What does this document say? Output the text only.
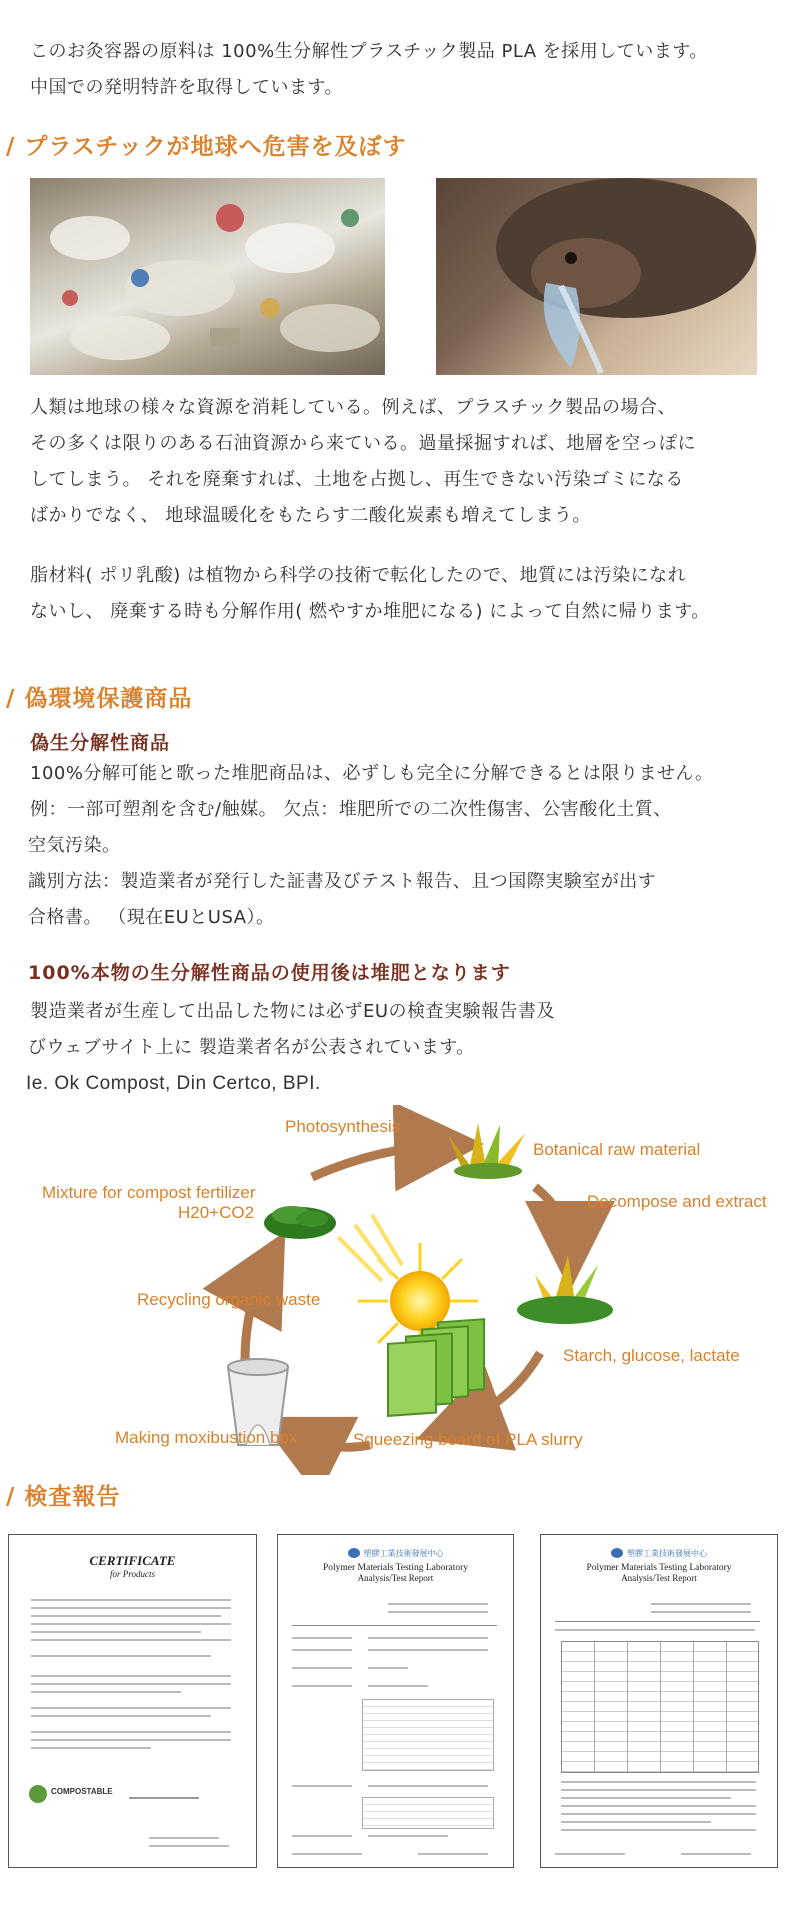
このお灸容器の原料は 100%生分解性プラスチック製品 PLA を採用しています。

中国での発明特許を取得しています。

/ プラスチックが地球へ危害を及ぼす

人類は地球の様々な資源を消耗している。例えば、プラスチック製品の場合、

その多くは限りのある石油資源から来ている。過量採掘すれば、地層を空っぽに

してしまう。 それを廃棄すれば、土地を占拠し、再生できない汚染ゴミになる

ばかりでなく、 地球温暖化をもたらす二酸化炭素も増えてしまう。

脂材料( ポリ乳酸) は植物から科学の技術で転化したので、地質には汚染になれ

ないし、 廃棄する時も分解作用( 燃やすか堆肥になる) によって自然に帰ります。

/ 偽環境保護商品
偽生分解性商品

100%分解可能と歌った堆肥商品は、必ずしも完全に分解できるとは限りません。

例：一部可塑剤を含む/触媒。 欠点：堆肥所での二次性傷害、公害酸化土質、

空気汚染。

識別方法：製造業者が発行した証書及びテスト報告、且つ国際実験室が出す

合格書。 （現在EUとUSA）。

100%本物の生分解性商品の使用後は堆肥となります

製造業者が生産して出品した物には必ずEUの検査実験報告書及

びウェブサイト上に 製造業者名が公表されています。

Ie. Ok Compost, Din Certco, BPI.

Photosynthesis
Botanical raw material
Decompose and extract
Starch, glucose, lactate
Squeezing board of PLA slurry
Making moxibustion box
Recycling organic waste
Mixture for compost fertilizer
H20+CO2
/ 検査報告
CERTIFICATE
for Products
COMPOSTABLE
塑膠工業技術發展中心
Polymer Materials Testing Laboratory
Analysis/Test Report
塑膠工業技術發展中心
Polymer Materials Testing Laboratory
Analysis/Test Report
